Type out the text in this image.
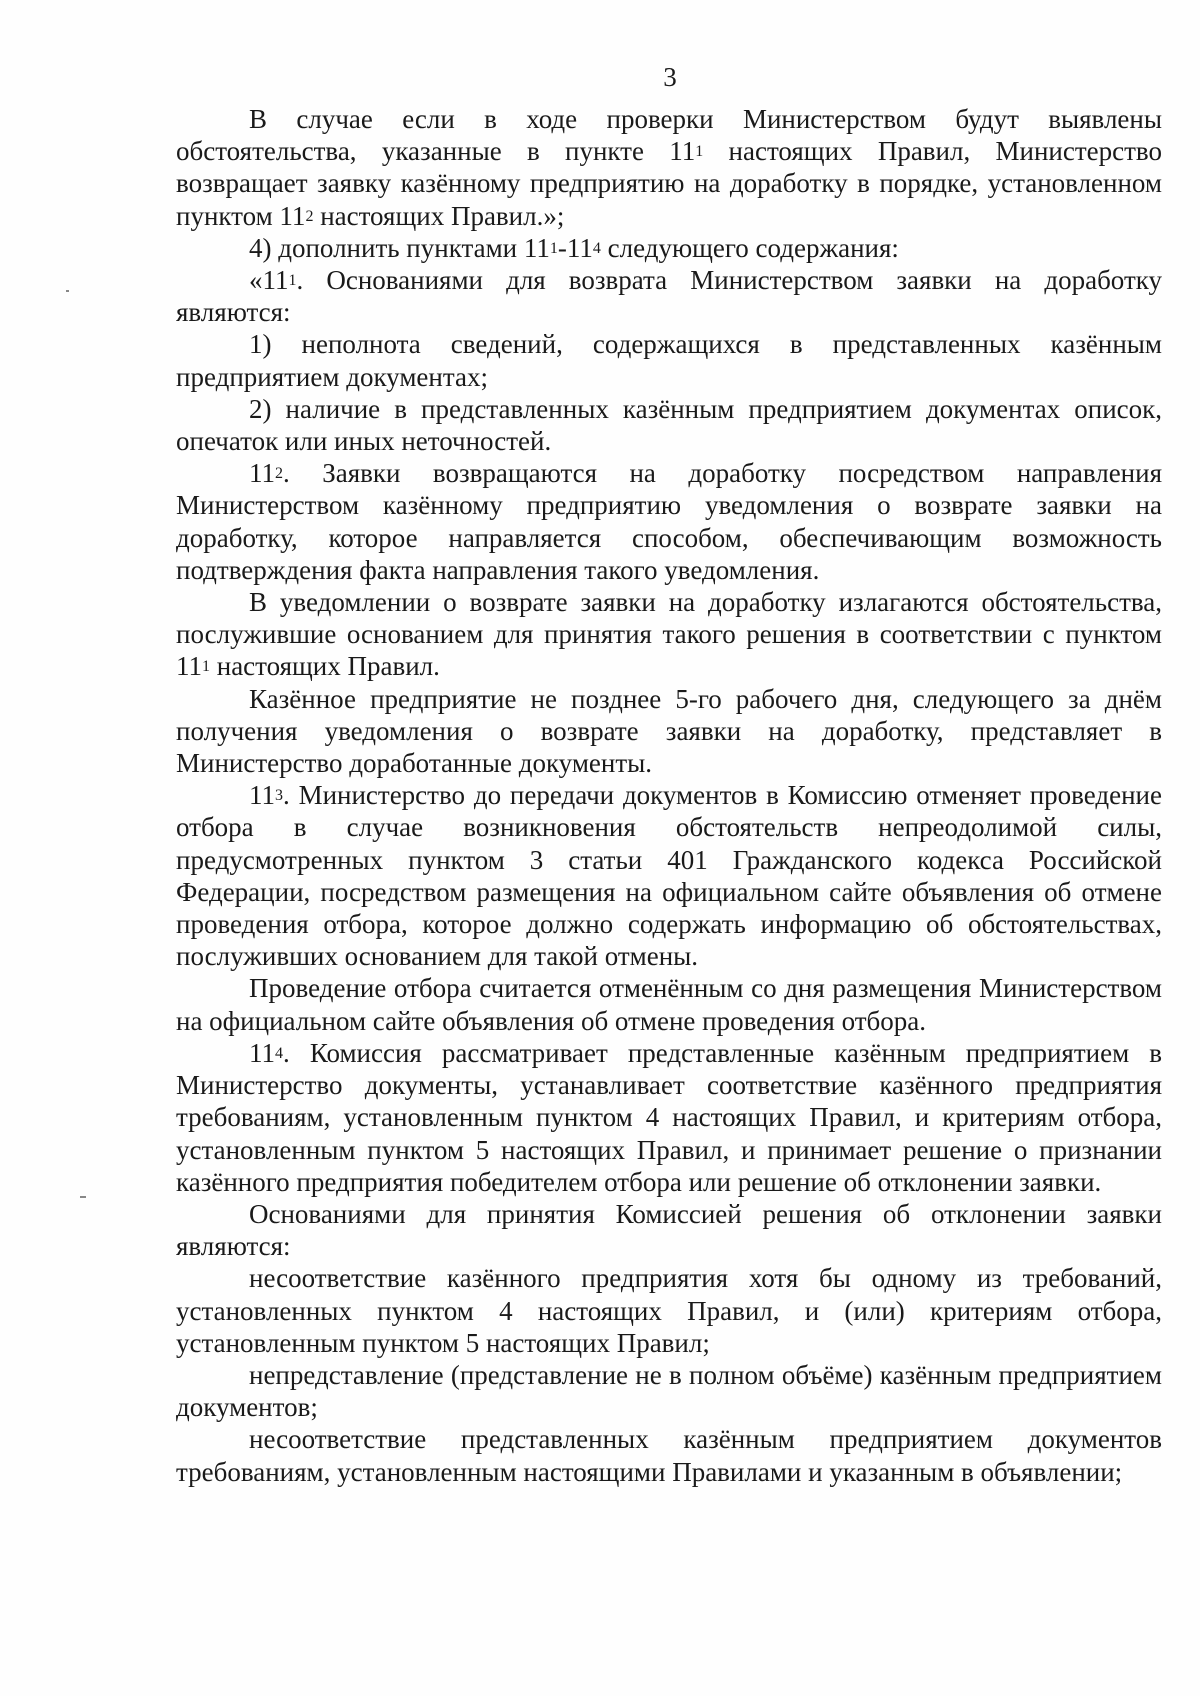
3

В случае если в ходе проверки Министерством будут выявлены обстоятельства, указанные в пункте $11^1$ настоящих Правил, Министерство возвращает заявку казённому предприятию на доработку в порядке, установленном пунктом $11^2$ настоящих Правил.»;

4) дополнить пунктами $11^1-11^4$ следующего содержания:

«$11^1$. Основаниями для возврата Министерством заявки на доработку являются:

1) неполнота сведений, содержащихся в представленных казённым предприятием документах;

2) наличие в представленных казённым предприятием документах описок, опечаток или иных неточностей.

$11^2$. Заявки возвращаются на доработку посредством направления Министерством казённому предприятию уведомления о возврате заявки на доработку, которое направляется способом, обеспечивающим возможность подтверждения факта направления такого уведомления.

В уведомлении о возврате заявки на доработку излагаются обстоятельства, послужившие основанием для принятия такого решения в соответствии с пунктом $11^1$ настоящих Правил.

Казённое предприятие не позднее 5-го рабочего дня, следующего за днём получения уведомления о возврате заявки на доработку, представляет в Министерство доработанные документы.

$11^3$. Министерство до передачи документов в Комиссию отменяет проведение отбора в случае возникновения обстоятельств непреодолимой силы, предусмотренных пунктом 3 статьи 401 Гражданского кодекса Российской Федерации, посредством размещения на официальном сайте объявления об отмене проведения отбора, которое должно содержать информацию об обстоятельствах, послуживших основанием для такой отмены.

Проведение отбора считается отменённым со дня размещения Министерством на официальном сайте объявления об отмене проведения отбора.

$11^4$. Комиссия рассматривает представленные казённым предприятием в Министерство документы, устанавливает соответствие казённого предприятия требованиям, установленным пунктом 4 настоящих Правил, и критериям отбора, установленным пунктом 5 настоящих Правил, и принимает решение о признании казённого предприятия победителем отбора или решение об отклонении заявки.

Основаниями для принятия Комиссией решения об отклонении заявки являются:

несоответствие казённого предприятия хотя бы одному из требований, установленных пунктом 4 настоящих Правил, и (или) критериям отбора, установленным пунктом 5 настоящих Правил;

непредставление (представление не в полном объёме) казённым предприятием документов;

несоответствие представленных казённым предприятием документов требованиям, установленным настоящими Правилами и указанным в объявлении;
